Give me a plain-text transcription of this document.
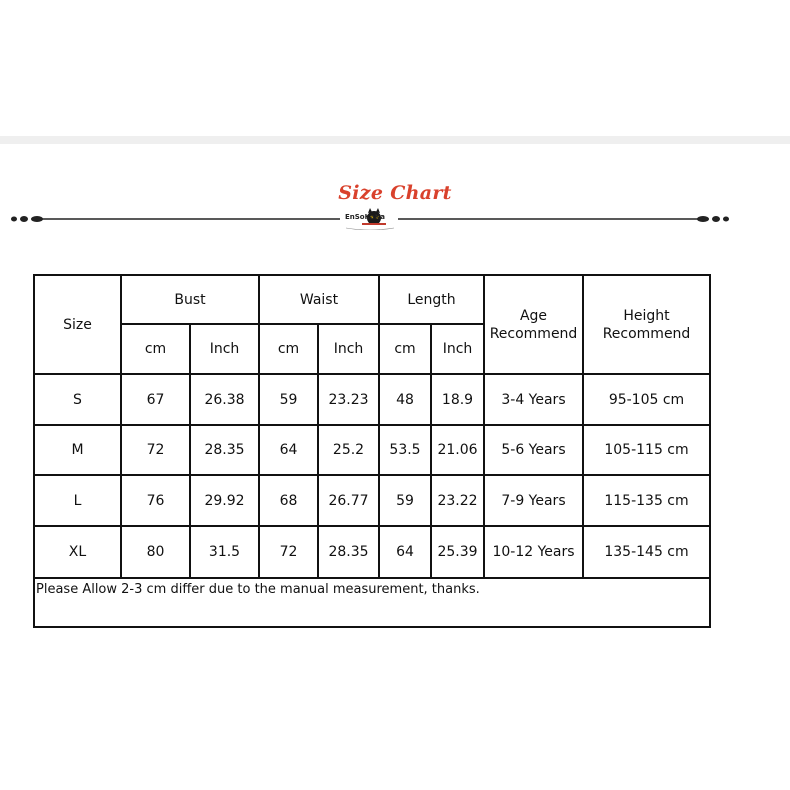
Size Chart
EnSoKaKa
Size	Bust		Waist		Length		Age Recommend	Height Recommend
	cm	Inch	cm	Inch	cm	Inch		
S	67	26.38	59	23.23	48	18.9	3-4 Years	95-105 cm
M	72	28.35	64	25.2	53.5	21.06	5-6 Years	105-115 cm
L	76	29.92	68	26.77	59	23.22	7-9 Years	115-135 cm
XL	80	31.5	72	28.35	64	25.39	10-12 Years	135-145 cm
Please Allow 2-3 cm differ due to the manual measurement, thanks.								
